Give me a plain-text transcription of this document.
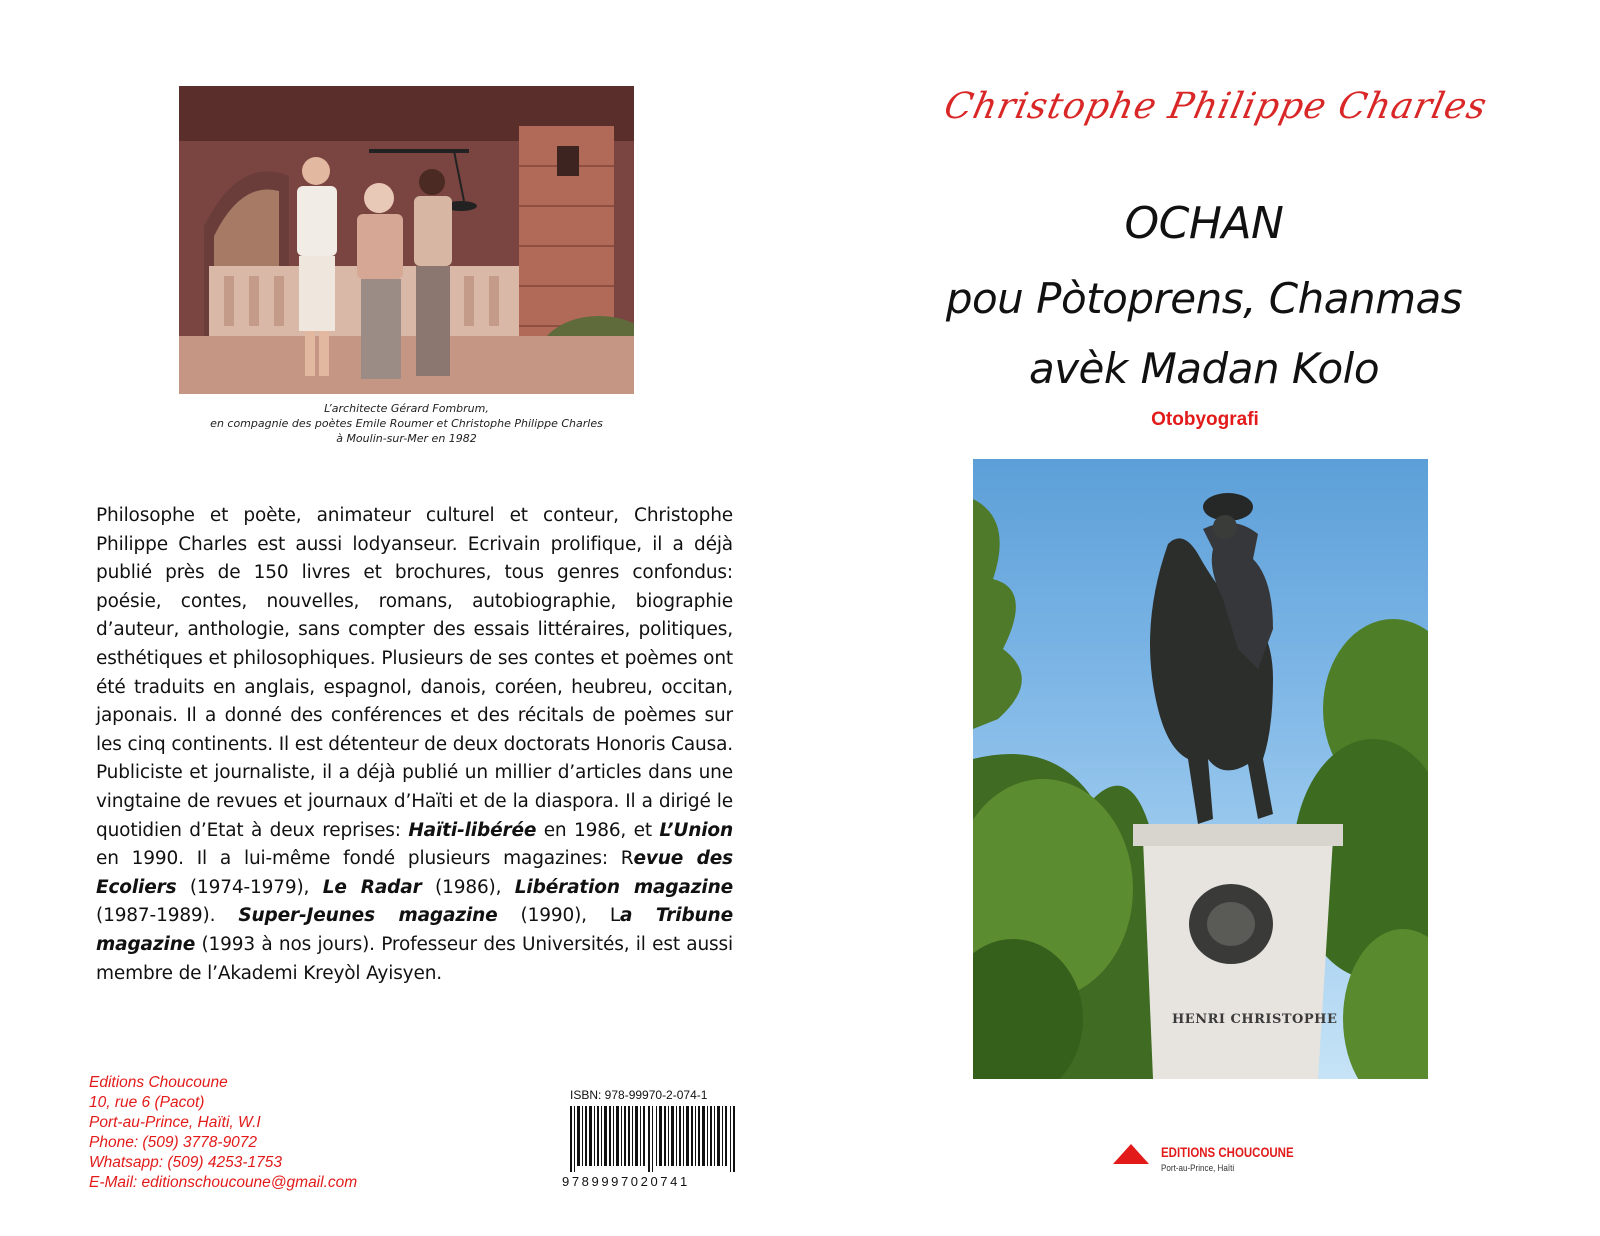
L’architecte Gérard Fombrum,
en compagnie des poètes Emile Roumer et Christophe Philippe Charles
à Moulin-sur-Mer en 1982
Philosophe et poète, animateur culturel et conteur, Christophe Philippe Charles est aussi lodyanseur. Ecrivain prolifique, il a déjà publié près de 150 livres et brochures, tous genres confondus: poésie, contes, nouvelles, romans, autobiographie, biographie d’auteur, anthologie, sans compter des essais littéraires, politiques, esthétiques et philosophiques. Plusieurs de ses contes et poèmes ont été traduits en anglais, espagnol, danois, coréen, heubreu, occitan, japonais. Il a donné des conférences et des récitals de poèmes sur les cinq continents. Il est détenteur de deux doctorats Honoris Causa. Publiciste et journaliste, il a déjà publié un millier d’articles dans une vingtaine de revues et journaux d’Haïti et de la diaspora. Il a dirigé le quotidien d’Etat à deux reprises: Haïti-libérée en 1986, et L’Union en 1990. Il a lui-même fondé plusieurs magazines: Revue des Ecoliers (1974-1979), Le Radar (1986), Libération magazine (1987-1989). Super-Jeunes magazine (1990), La Tribune magazine (1993 à nos jours). Professeur des Universités, il est aussi membre de l’Akademi Kreyòl Ayisyen.
Editions Choucoune
10, rue 6 (Pacot)
Port-au-Prince, Haïti, W.I
Phone: (509) 3778-9072
Whatsapp: (509) 4253-1753
E-Mail: editionschoucoune@gmail.com
ISBN: 978-99970-2-074-1
9789997020741
Christophe Philippe Charles
OCHAN
pou Pòtoprens, Chanmas
avèk Madan Kolo
Otobyografi
HENRI CHRISTOPHE
EDITIONS CHOUCOUNE
Port-au-Prince, Haïti
